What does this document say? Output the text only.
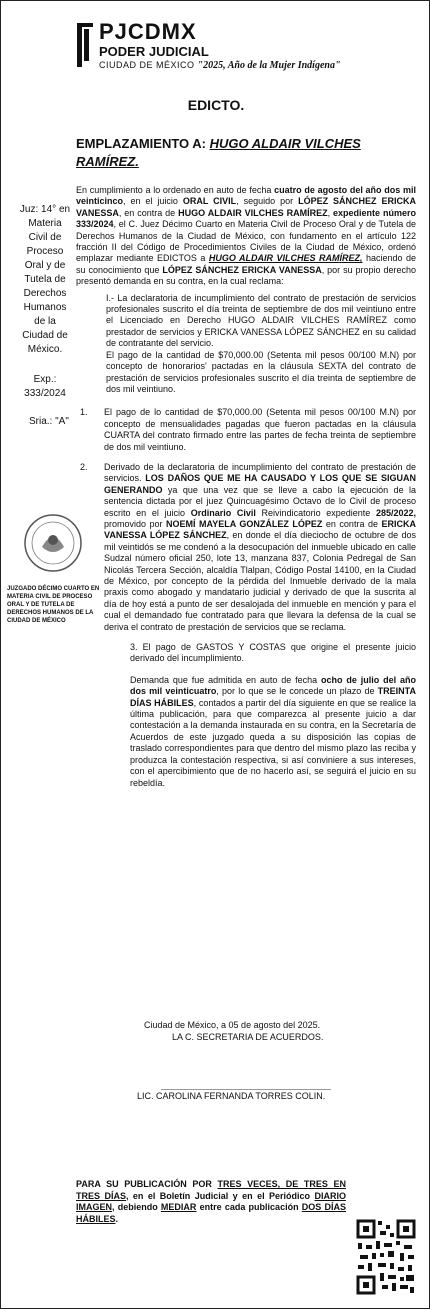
PJCDMX
PODER JUDICIAL
CIUDAD DE MÉXICO "2025, Año de la Mujer Indígena"
EDICTO.
EMPLAZAMIENTO A: HUGO ALDAIR VILCHES RAMÍREZ.
Juz: 14° en Materia Civil de Proceso Oral y de Tutela de Derechos Humanos de la Ciudad de México.
Exp.:
333/2024
Sria.: "A"
JUZGADO DÉCIMO CUARTO EN MATERIA CIVIL DE PROCESO ORAL Y DE TUTELA DE DERECHOS HUMANOS DE LA CIUDAD DE MÉXICO

En cumplimiento a lo ordenado en auto de fecha cuatro de agosto del año dos mil veinticinco, en el juicio ORAL CIVIL, seguido por LÓPEZ SÁNCHEZ ERICKA VANESSA, en contra de HUGO ALDAIR VILCHES RAMÍREZ, expediente número 333/2024, el C. Juez Décimo Cuarto en Materia Civil de Proceso Oral y de Tutela de Derechos Humanos de la Ciudad de México, con fundamento en el artículo 122 fracción II del Código de Procedimientos Civiles de la Ciudad de México, ordenó emplazar mediante EDICTOS a HUGO ALDAIR VILCHES RAMÍREZ, haciendo de su conocimiento que LÓPEZ SÁNCHEZ ERICKA VANESSA, por su propio derecho presentó demanda en su contra, en la cual reclama:

I.- La declaratoria de incumplimiento del contrato de prestación de servicios profesionales suscrito el día treinta de septiembre de dos mil veintiuno entre el Licenciado en Derecho HUGO ALDAIR VILCHES RAMÍREZ como prestador de servicios y ERICKA VANESSA LÓPEZ SÁNCHEZ en su calidad de contratante del servicio.

El pago de la cantidad de $70,000.00 (Setenta mil pesos 00/100 M.N) por concepto de honorarios' pactadas en la cláusula SEXTA del contrato de prestación de servicios profesionales suscrito el día treinta de septiembre de dos mil veintiuno.

1.	El pago de lo cantidad de $70,000.00 (Setenta mil pesos 00/100 M.N) por concepto de mensualidades pagadas que fueron pactadas en la cláusula CUARTA del contrato firmado entre las partes de fecha treinta de septiembre de dos mil veintiuno.
2.	Derivado de la declaratoria de incumplimiento del contrato de prestación de servicios. LOS DAÑOS QUE ME HA CAUSADO Y LOS QUE SE SIGUAN GENERANDO ya que una vez que se lleve a cabo la ejecución de la sentencia dictada por el juez Quincuagésimo Octavo de lo Civil de proceso escrito en el juicio Ordinario Civil Reivindicatorio expediente 285/2022, promovido por NOEMÍ MAYELA GONZÁLEZ LÓPEZ en contra de ERICKA VANESSA LÓPEZ SÁNCHEZ, en donde el día dieciocho de octubre de dos mil veintidós se me condenó a la desocupación del inmueble ubicado en calle Sudzal número oficial 250, lote 13, manzana 837, Colonia Pedregal de San Nicolás Tercera Sección, alcaldía Tlalpan, Código Postal 14100, en la Ciudad de México, por concepto de la pérdida del Inmueble derivado de la mala praxis como abogado y mandatario judicial y derivado de que la suscrita al día de hoy está a punto de ser desalojada del inmueble en mención y para el cual el demandado fue contratado para que llevara la defensa de la cual se deriva el contrato de prestación de servicios que se reclama.

3. El pago de GASTOS Y COSTAS que origine el presente juicio derivado del incumplimiento.

Demanda que fue admitida en auto de fecha ocho de julio del año dos mil veinticuatro, por lo que se le concede un plazo de TREINTA DÍAS HÁBILES, contados a partir del día siguiente en que se realice la última publicación, para que comparezca al presente juicio a dar contestación a la demanda instaurada en su contra, en la Secretaría de Acuerdos de este juzgado queda a su disposición las copias de traslado correspondientes para que dentro del mismo plazo las reciba y produzca la contestación respectiva, si así conviniere a sus intereses, con el apercibimiento que de no hacerlo así, se seguirá el juicio en su rebeldía.

Ciudad de México, a 05 de agosto del 2025.
LA C. SECRETARIA DE ACUERDOS.
LIC. CAROLINA FERNANDA TORRES COLIN.
PARA SU PUBLICACIÓN POR TRES VECES, DE TRES EN TRES DÍAS, en el Boletín Judicial y en el Periódico DIARIO IMAGEN, debiendo MEDIAR entre cada publicación DOS DÍAS HÁBILES.
